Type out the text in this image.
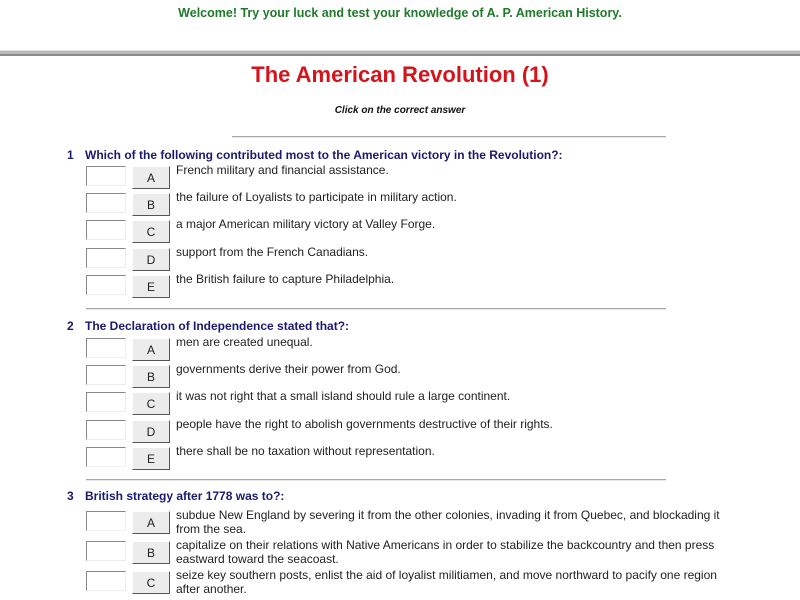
Welcome! Try your luck and test your knowledge of A. P. American History.
The American Revolution (1)
Click on the correct answer
1 Which of the following contributed most to the American victory in the Revolution?:
A
French military and financial assistance.
B
the failure of Loyalists to participate in military action.
C
a major American military victory at Valley Forge.
D
support from the French Canadians.
E
the British failure to capture Philadelphia.
2 The Declaration of Independence stated that?:
A
men are created unequal.
B
governments derive their power from God.
C
it was not right that a small island should rule a large continent.
D
people have the right to abolish governments destructive of their rights.
E
there shall be no taxation without representation.
3 British strategy after 1778 was to?:
A
subdue New England by severing it from the other colonies, invading it from Quebec, and blockading it from the sea.
B
capitalize on their relations with Native Americans in order to stabilize the backcountry and then press eastward toward the seacoast.
C
seize key southern posts, enlist the aid of loyalist militiamen, and move northward to pacify one region after another.
